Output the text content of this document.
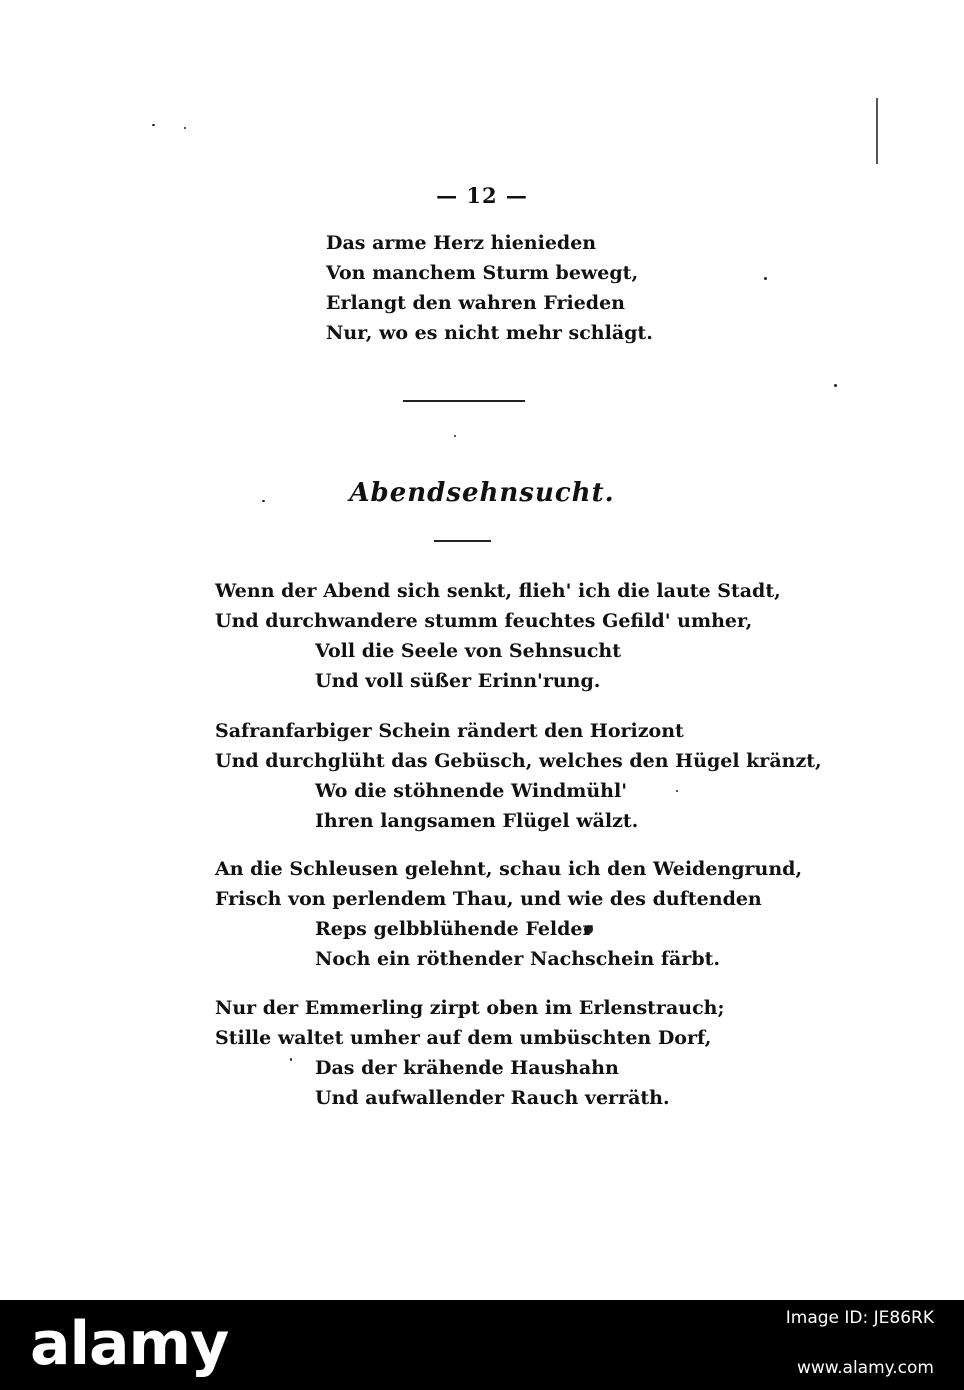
— 12 —
Das arme Herz hienieden
Von manchem Sturm bewegt,
Erlangt den wahren Frieden
Nur, wo es nicht mehr schlägt.
Abendsehnsucht.
Wenn der Abend sich senkt, flieh' ich die laute Stadt,
Und durchwandere stumm feuchtes Gefild' umher,
Voll die Seele von Sehnsucht
Und voll süßer Erinn'rung.
Safranfarbiger Schein rändert den Horizont
Und durchglüht das Gebüsch, welches den Hügel kränzt,
Wo die stöhnende Windmühl'
Ihren langsamen Flügel wälzt.
An die Schleusen gelehnt, schau ich den Weidengrund,
Frisch von perlendem Thau, und wie des duftenden
Reps gelbblühende Felder
Noch ein röthender Nachschein färbt.
Nur der Emmerling zirpt oben im Erlenstrauch;
Stille waltet umher auf dem umbüschten Dorf,
Das der krähende Haushahn
Und aufwallender Rauch verräth.
alamy	Image ID: JE86RK
www.alamy.com
